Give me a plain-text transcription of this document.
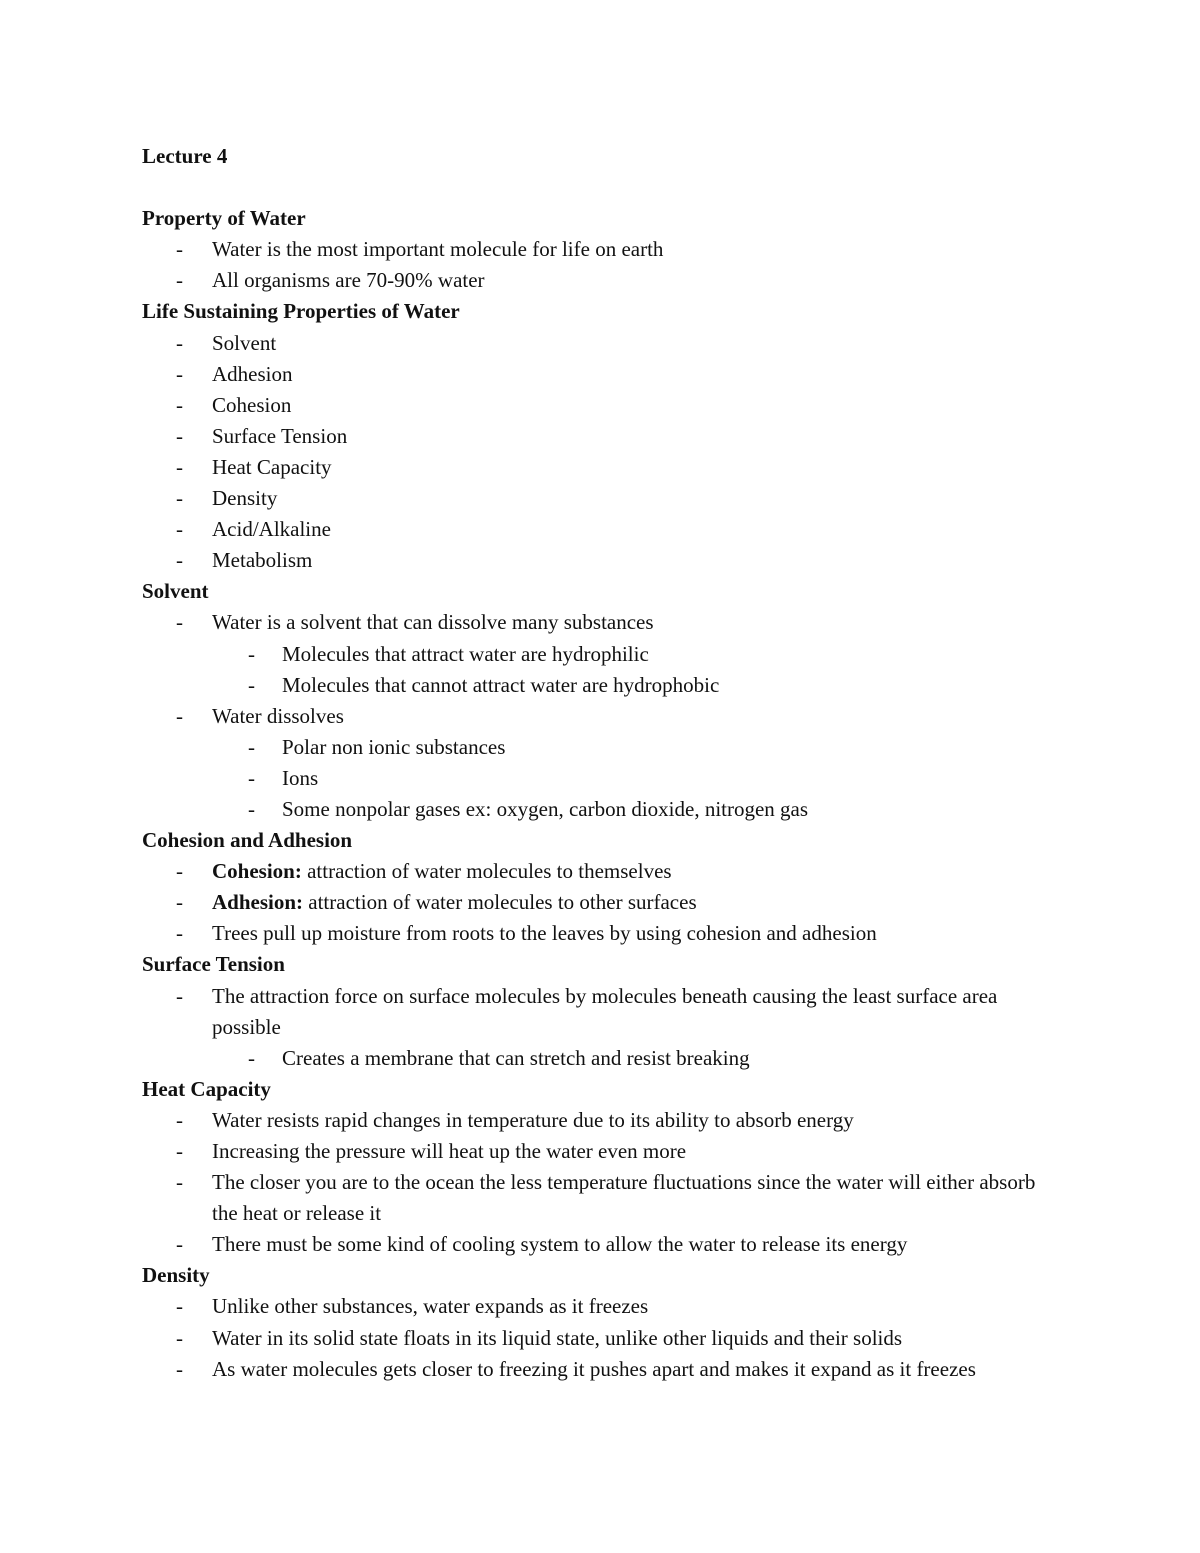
Lecture 4
Property of Water
- Water is the most important molecule for life on earth
- All organisms are 70-90% water
Life Sustaining Properties of Water
- Solvent
- Adhesion
- Cohesion
- Surface Tension
- Heat Capacity
- Density
- Acid/Alkaline
- Metabolism
Solvent
- Water is a solvent that can dissolve many substances
- Molecules that attract water are hydrophilic
- Molecules that cannot attract water are hydrophobic
- Water dissolves
- Polar non ionic substances
- Ions
- Some nonpolar gases ex: oxygen, carbon dioxide, nitrogen gas
Cohesion and Adhesion
- Cohesion: attraction of water molecules to themselves
- Adhesion: attraction of water molecules to other surfaces
- Trees pull up moisture from roots to the leaves by using cohesion and adhesion
Surface Tension
- The attraction force on surface molecules by molecules beneath causing the least surface area possible
- Creates a membrane that can stretch and resist breaking
Heat Capacity
- Water resists rapid changes in temperature due to its ability to absorb energy
- Increasing the pressure will heat up the water even more
- The closer you are to the ocean the less temperature fluctuations since the water will either absorb the heat or release it
- There must be some kind of cooling system to allow the water to release its energy
Density
- Unlike other substances, water expands as it freezes
- Water in its solid state floats in its liquid state, unlike other liquids and their solids
- As water molecules gets closer to freezing it pushes apart and makes it expand as it freezes
